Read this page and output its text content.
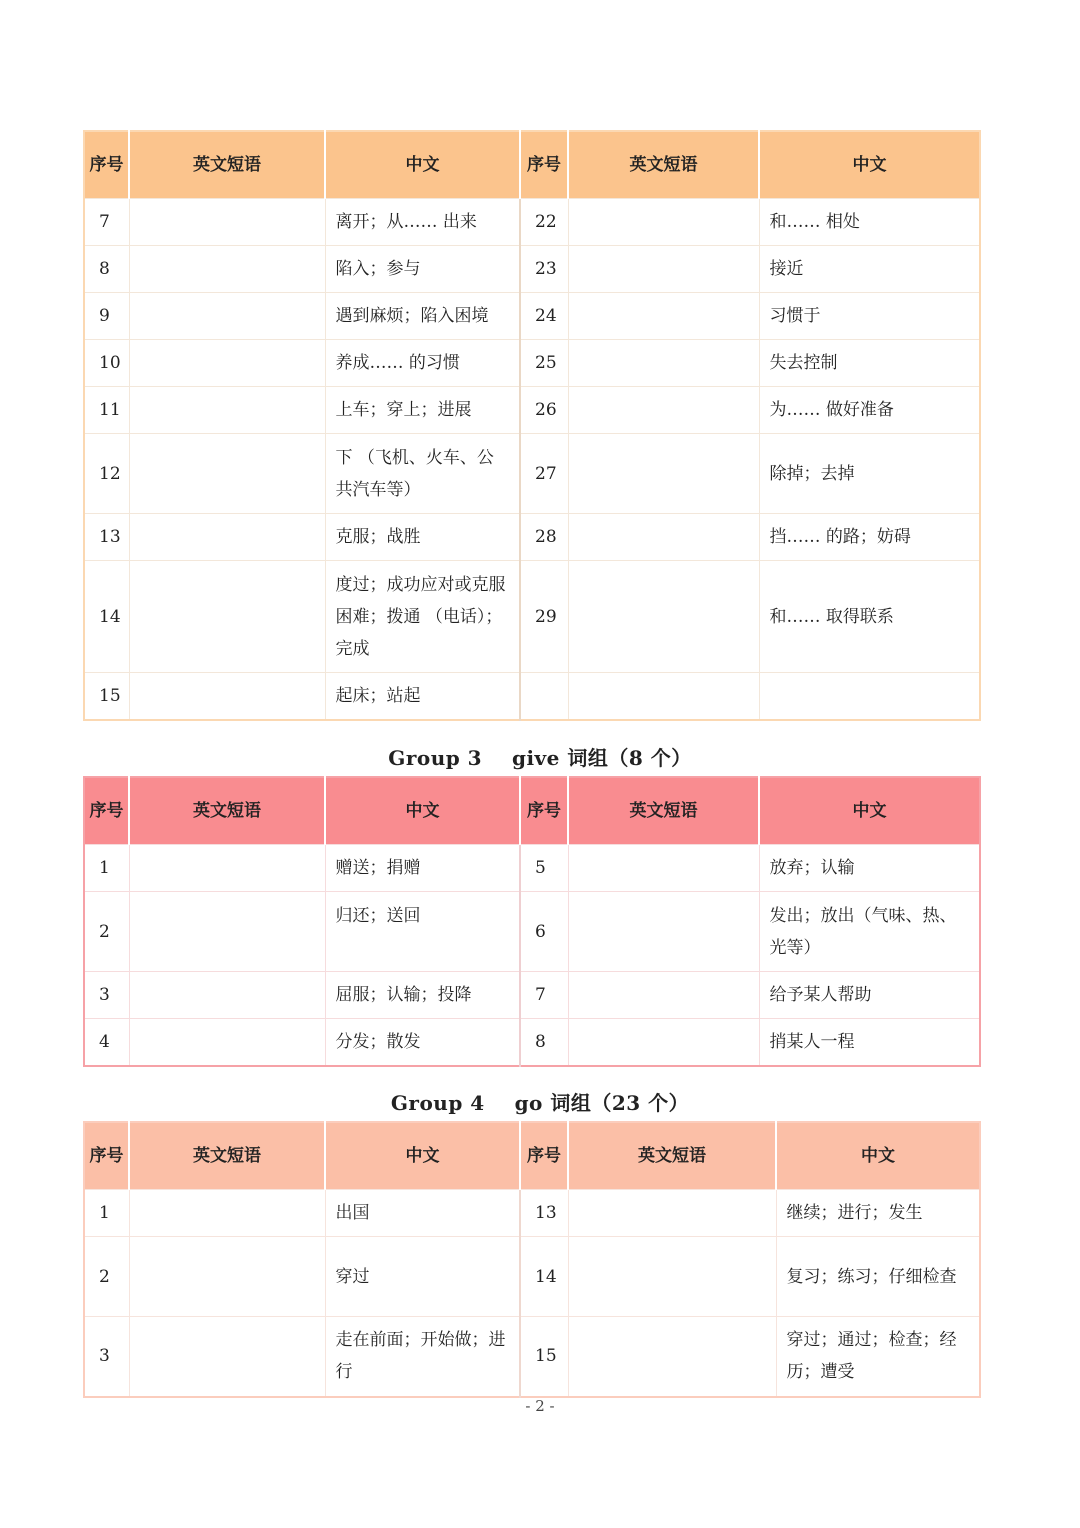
序号	英文短语	中文	序号	英文短语	中文
7		离开；从…… 出来	22		和…… 相处
8		陷入；参与	23		接近
9		遇到麻烦；陷入困境	24		习惯于
10		养成…… 的习惯	25		失去控制
11		上车；穿上；进展	26		为…… 做好准备
12		下 （飞机、火车、公共汽车等）	27		除掉；去掉
13		克服；战胜	28		挡…… 的路；妨碍
14		度过；成功应对或克服困难；拨通 （电话）；完成	29		和…… 取得联系
15		起床；站起			
Group 3 give 词组（8 个）
序号	英文短语	中文	序号	英文短语	中文
1		赠送；捐赠	5		放弃；认输
2		归还；送回	6		发出；放出（气味、热、光等）
3		屈服；认输；投降	7		给予某人帮助
4		分发；散发	8		捎某人一程
Group 4 go 词组（23 个）
序号	英文短语	中文	序号	英文短语	中文
1		出国	13		继续；进行；发生
2		穿过	14		复习；练习；仔细检查
3		走在前面；开始做；进行	15		穿过；通过；检查；经历；遭受
- 2 -
